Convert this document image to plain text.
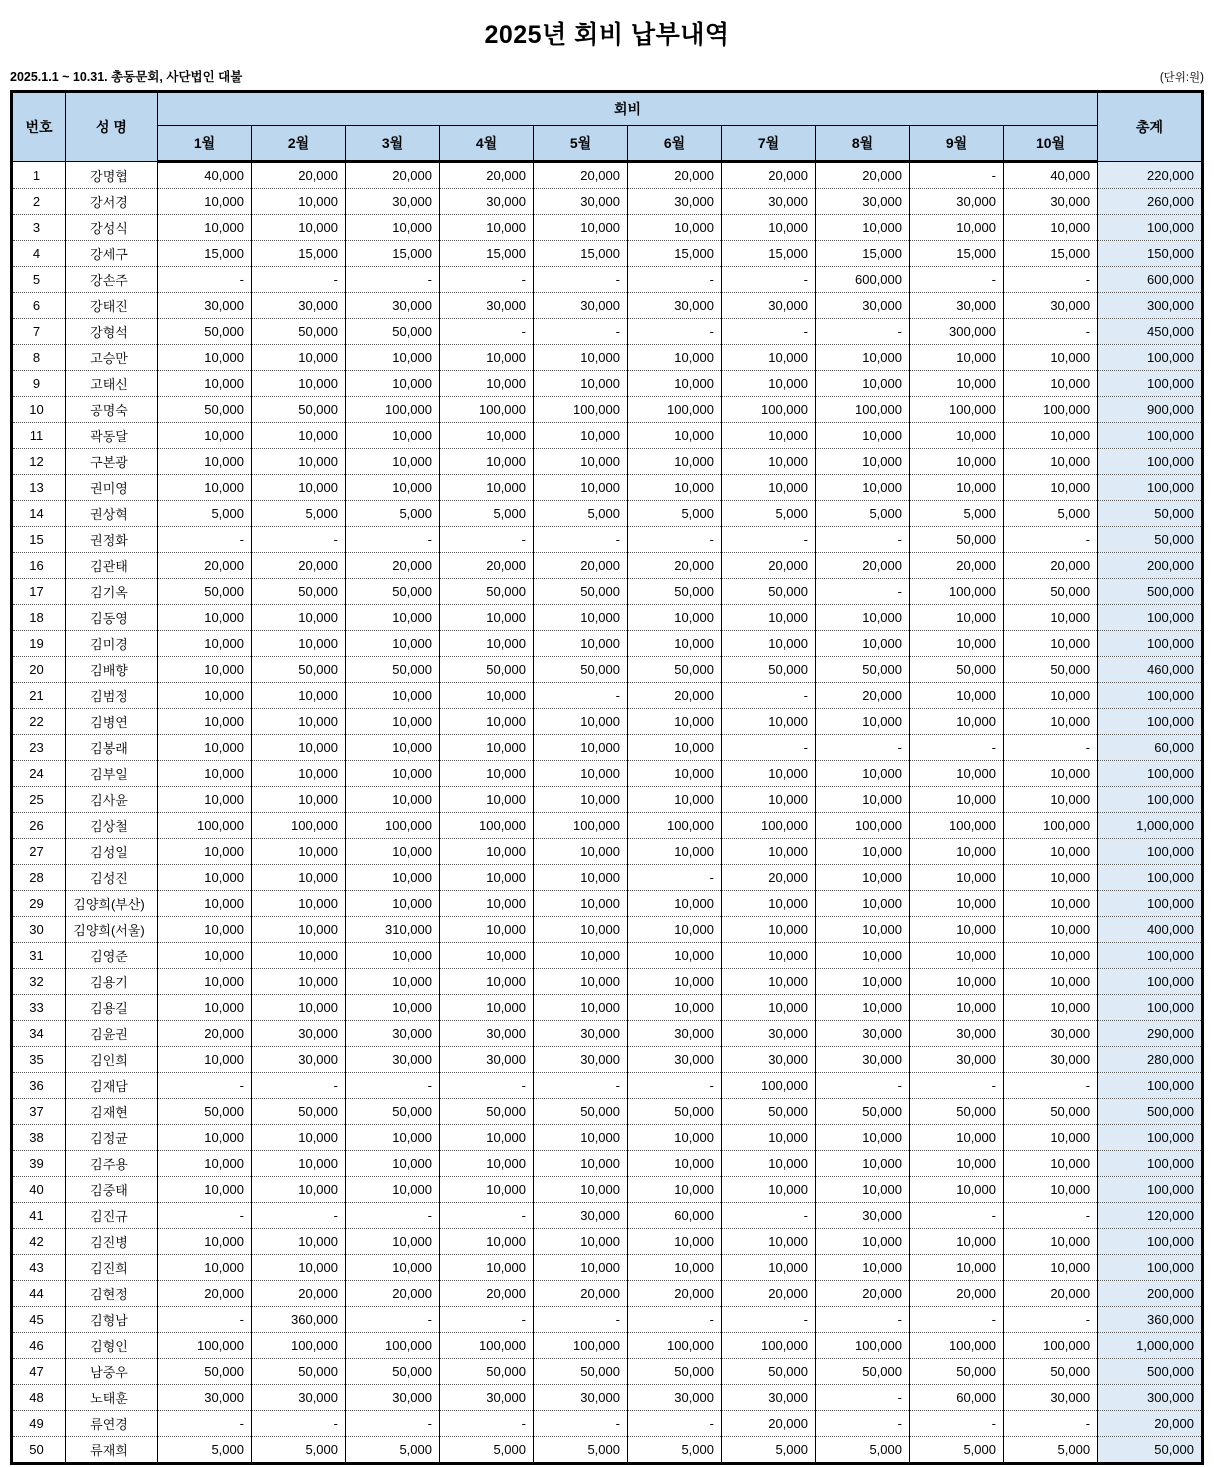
2025년 회비 납부내역
2025.1.1 ~ 10.31. 총동문회, 사단법인 대불	(단위:원)
번호	성 명	회비										총계
		1월	2월	3월	4월	5월	6월	7월	8월	9월	10월	
1	강명협	40,000	20,000	20,000	20,000	20,000	20,000	20,000	20,000	-	40,000	220,000
2	강서경	10,000	10,000	30,000	30,000	30,000	30,000	30,000	30,000	30,000	30,000	260,000
3	강성식	10,000	10,000	10,000	10,000	10,000	10,000	10,000	10,000	10,000	10,000	100,000
4	강세구	15,000	15,000	15,000	15,000	15,000	15,000	15,000	15,000	15,000	15,000	150,000
5	강손주	-	-	-	-	-	-	-	600,000	-	-	600,000
6	강태진	30,000	30,000	30,000	30,000	30,000	30,000	30,000	30,000	30,000	30,000	300,000
7	강형석	50,000	50,000	50,000	-	-	-	-	-	300,000	-	450,000
8	고승만	10,000	10,000	10,000	10,000	10,000	10,000	10,000	10,000	10,000	10,000	100,000
9	고태신	10,000	10,000	10,000	10,000	10,000	10,000	10,000	10,000	10,000	10,000	100,000
10	공명숙	50,000	50,000	100,000	100,000	100,000	100,000	100,000	100,000	100,000	100,000	900,000
11	곽동달	10,000	10,000	10,000	10,000	10,000	10,000	10,000	10,000	10,000	10,000	100,000
12	구본광	10,000	10,000	10,000	10,000	10,000	10,000	10,000	10,000	10,000	10,000	100,000
13	권미영	10,000	10,000	10,000	10,000	10,000	10,000	10,000	10,000	10,000	10,000	100,000
14	권상혁	5,000	5,000	5,000	5,000	5,000	5,000	5,000	5,000	5,000	5,000	50,000
15	권정화	-	-	-	-	-	-	-	-	50,000	-	50,000
16	김관태	20,000	20,000	20,000	20,000	20,000	20,000	20,000	20,000	20,000	20,000	200,000
17	김기옥	50,000	50,000	50,000	50,000	50,000	50,000	50,000	-	100,000	50,000	500,000
18	김동영	10,000	10,000	10,000	10,000	10,000	10,000	10,000	10,000	10,000	10,000	100,000
19	김미경	10,000	10,000	10,000	10,000	10,000	10,000	10,000	10,000	10,000	10,000	100,000
20	김배향	10,000	50,000	50,000	50,000	50,000	50,000	50,000	50,000	50,000	50,000	460,000
21	김범정	10,000	10,000	10,000	10,000	-	20,000	-	20,000	10,000	10,000	100,000
22	김병연	10,000	10,000	10,000	10,000	10,000	10,000	10,000	10,000	10,000	10,000	100,000
23	김봉래	10,000	10,000	10,000	10,000	10,000	10,000	-	-	-	-	60,000
24	김부일	10,000	10,000	10,000	10,000	10,000	10,000	10,000	10,000	10,000	10,000	100,000
25	김사윤	10,000	10,000	10,000	10,000	10,000	10,000	10,000	10,000	10,000	10,000	100,000
26	김상철	100,000	100,000	100,000	100,000	100,000	100,000	100,000	100,000	100,000	100,000	1,000,000
27	김성일	10,000	10,000	10,000	10,000	10,000	10,000	10,000	10,000	10,000	10,000	100,000
28	김성진	10,000	10,000	10,000	10,000	10,000	-	20,000	10,000	10,000	10,000	100,000
29	김양희(부산)	10,000	10,000	10,000	10,000	10,000	10,000	10,000	10,000	10,000	10,000	100,000
30	김양희(서울)	10,000	10,000	310,000	10,000	10,000	10,000	10,000	10,000	10,000	10,000	400,000
31	김영준	10,000	10,000	10,000	10,000	10,000	10,000	10,000	10,000	10,000	10,000	100,000
32	김용기	10,000	10,000	10,000	10,000	10,000	10,000	10,000	10,000	10,000	10,000	100,000
33	김용길	10,000	10,000	10,000	10,000	10,000	10,000	10,000	10,000	10,000	10,000	100,000
34	김윤권	20,000	30,000	30,000	30,000	30,000	30,000	30,000	30,000	30,000	30,000	290,000
35	김인희	10,000	30,000	30,000	30,000	30,000	30,000	30,000	30,000	30,000	30,000	280,000
36	김재담	-	-	-	-	-	-	100,000	-	-	-	100,000
37	김재현	50,000	50,000	50,000	50,000	50,000	50,000	50,000	50,000	50,000	50,000	500,000
38	김정균	10,000	10,000	10,000	10,000	10,000	10,000	10,000	10,000	10,000	10,000	100,000
39	김주용	10,000	10,000	10,000	10,000	10,000	10,000	10,000	10,000	10,000	10,000	100,000
40	김중태	10,000	10,000	10,000	10,000	10,000	10,000	10,000	10,000	10,000	10,000	100,000
41	김진규	-	-	-	-	30,000	60,000	-	30,000	-	-	120,000
42	김진병	10,000	10,000	10,000	10,000	10,000	10,000	10,000	10,000	10,000	10,000	100,000
43	김진희	10,000	10,000	10,000	10,000	10,000	10,000	10,000	10,000	10,000	10,000	100,000
44	김현정	20,000	20,000	20,000	20,000	20,000	20,000	20,000	20,000	20,000	20,000	200,000
45	김형남	-	360,000	-	-	-	-	-	-	-	-	360,000
46	김형인	100,000	100,000	100,000	100,000	100,000	100,000	100,000	100,000	100,000	100,000	1,000,000
47	남중우	50,000	50,000	50,000	50,000	50,000	50,000	50,000	50,000	50,000	50,000	500,000
48	노태훈	30,000	30,000	30,000	30,000	30,000	30,000	30,000	-	60,000	30,000	300,000
49	류연경	-	-	-	-	-	-	20,000	-	-	-	20,000
50	류재희	5,000	5,000	5,000	5,000	5,000	5,000	5,000	5,000	5,000	5,000	50,000
